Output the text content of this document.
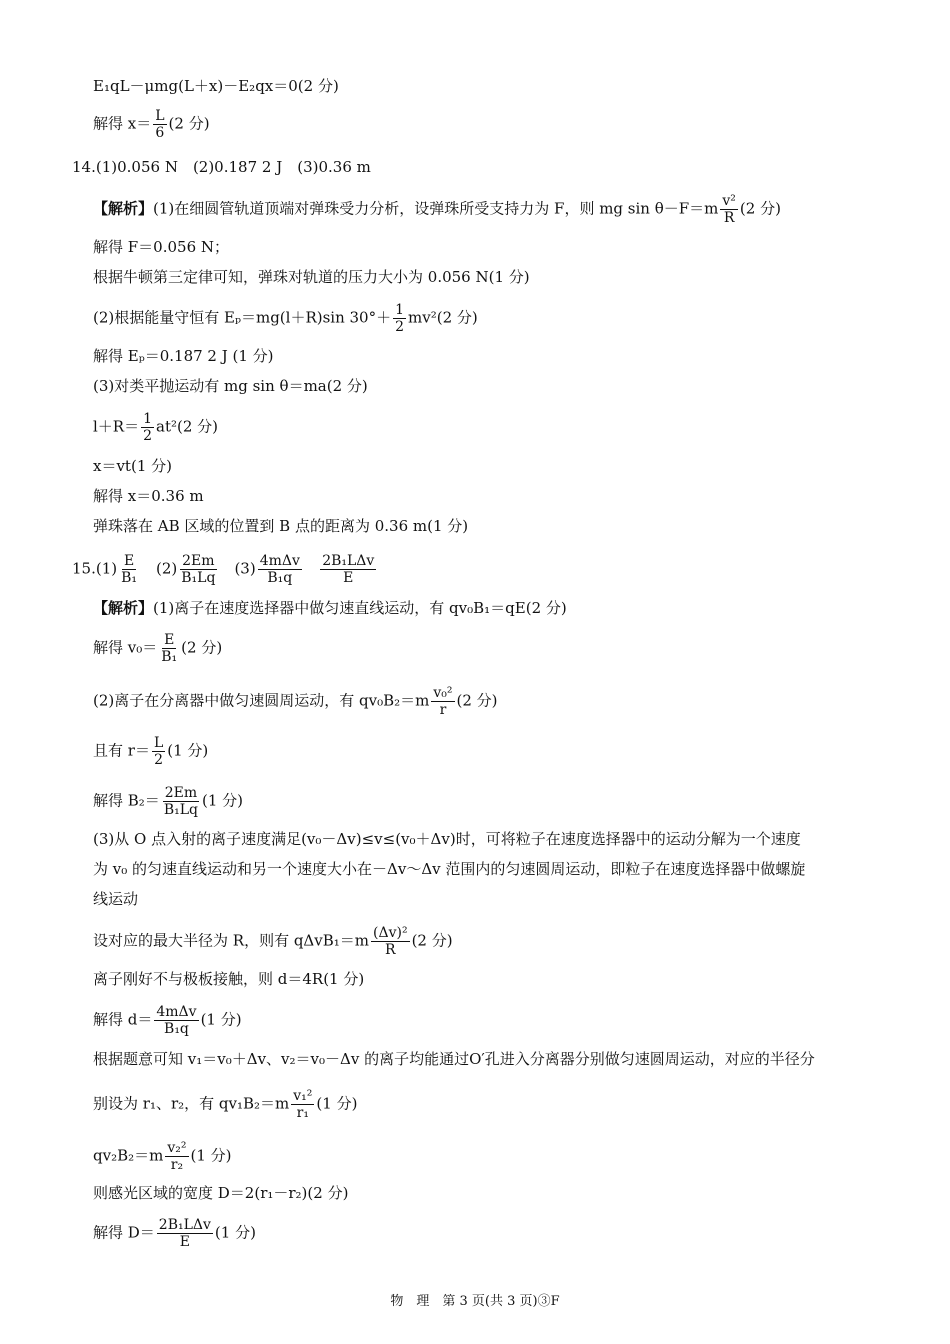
E₁qL－μmg(L＋x)－E₂qx＝0(2 分)
解得 $x= \frac{L}{6} (2$ 分)
14.(1)0.056 N　(2)0.187 2 J　(3)0.36 m
【解析】(1)在细圆管轨道顶端对弹珠受力分析，设弹珠所受支持力为 F，则 mg $\sin \theta-F=m \frac{\text{v²}}{R} (2$ 分)
解得 F＝0.056 N；
根据牛顿第三定律可知，弹珠对轨道的压力大小为 0.056 N(1 分)
(2)根据能量守恒有 Eₚ＝mg(l＋R)sin $30^\circ+ \frac{1}{2} mv^2(2$ 分)
解得 Eₚ＝0.187 2 J (1 分)
(3)对类平抛运动有 mg sin θ＝ma(2 分)
$l+R= \frac{1}{2} at^2(2$ 分)
x＝vt(1 分)
解得 x＝0.36 m
弹珠落在 AB 区域的位置到 B 点的距离为 0.36 m(1 分)
$15.(1) \frac{E}{\text{B₁}}$ 　$(2) \frac{2Em}{\text{B₁Lq}}$ 　$(3) \frac{\text{4mΔv}}{\text{B₁q}}$
$\frac{\text{2B₁LΔv}}{E}$
【解析】(1)离子在速度选择器中做匀速直线运动，有 qv₀B₁＝qE(2 分)
解得 $v_0= \frac{E}{\text{B₁}} (2$ 分)
(2)离子在分离器中做匀速圆周运动，有 $qv_0B_2=m \frac{\text{v₀²}}{r} (2$ 分)
且有 $r= \frac{L}{2} (1$ 分)
解得 $B_2= \frac{2Em}{\text{B₁Lq}} (1$ 分)
(3)从 O 点入射的离子速度满足(v₀－Δv)≤v≤(v₀＋Δv)时，可将粒子在速度选择器中的运动分解为一个速度
为 v₀ 的匀速直线运动和另一个速度大小在－Δv～Δv 范围内的匀速圆周运动，即粒子在速度选择器中做螺旋
线运动
设对应的最大半径为 R，则有 $q\Delta vB_1=m \frac{\text{(Δv)²}}{R} (2$ 分)
离子刚好不与极板接触，则 d＝4R(1 分)
解得 $d= \frac{\text{4mΔv}}{\text{B₁q}} (1$ 分)
根据题意可知 v₁＝v₀＋Δv、v₂＝v₀－Δv 的离子均能通过O′孔进入分离器分别做匀速圆周运动，对应的半径分
别设为 r₁、r₂，有 $qv_1B_2=m \frac{\text{v₁²}}{\text{r₁}} (1$ 分)
$qv_2B_2=m \frac{\text{v₂²}}{\text{r₂}} (1$ 分)
则感光区域的宽度 D＝2(r₁－r₂)(2 分)
解得 $D= \frac{\text{2B₁LΔv}}{E} (1$ 分)
物　理　第 3 页(共 3 页)③F
